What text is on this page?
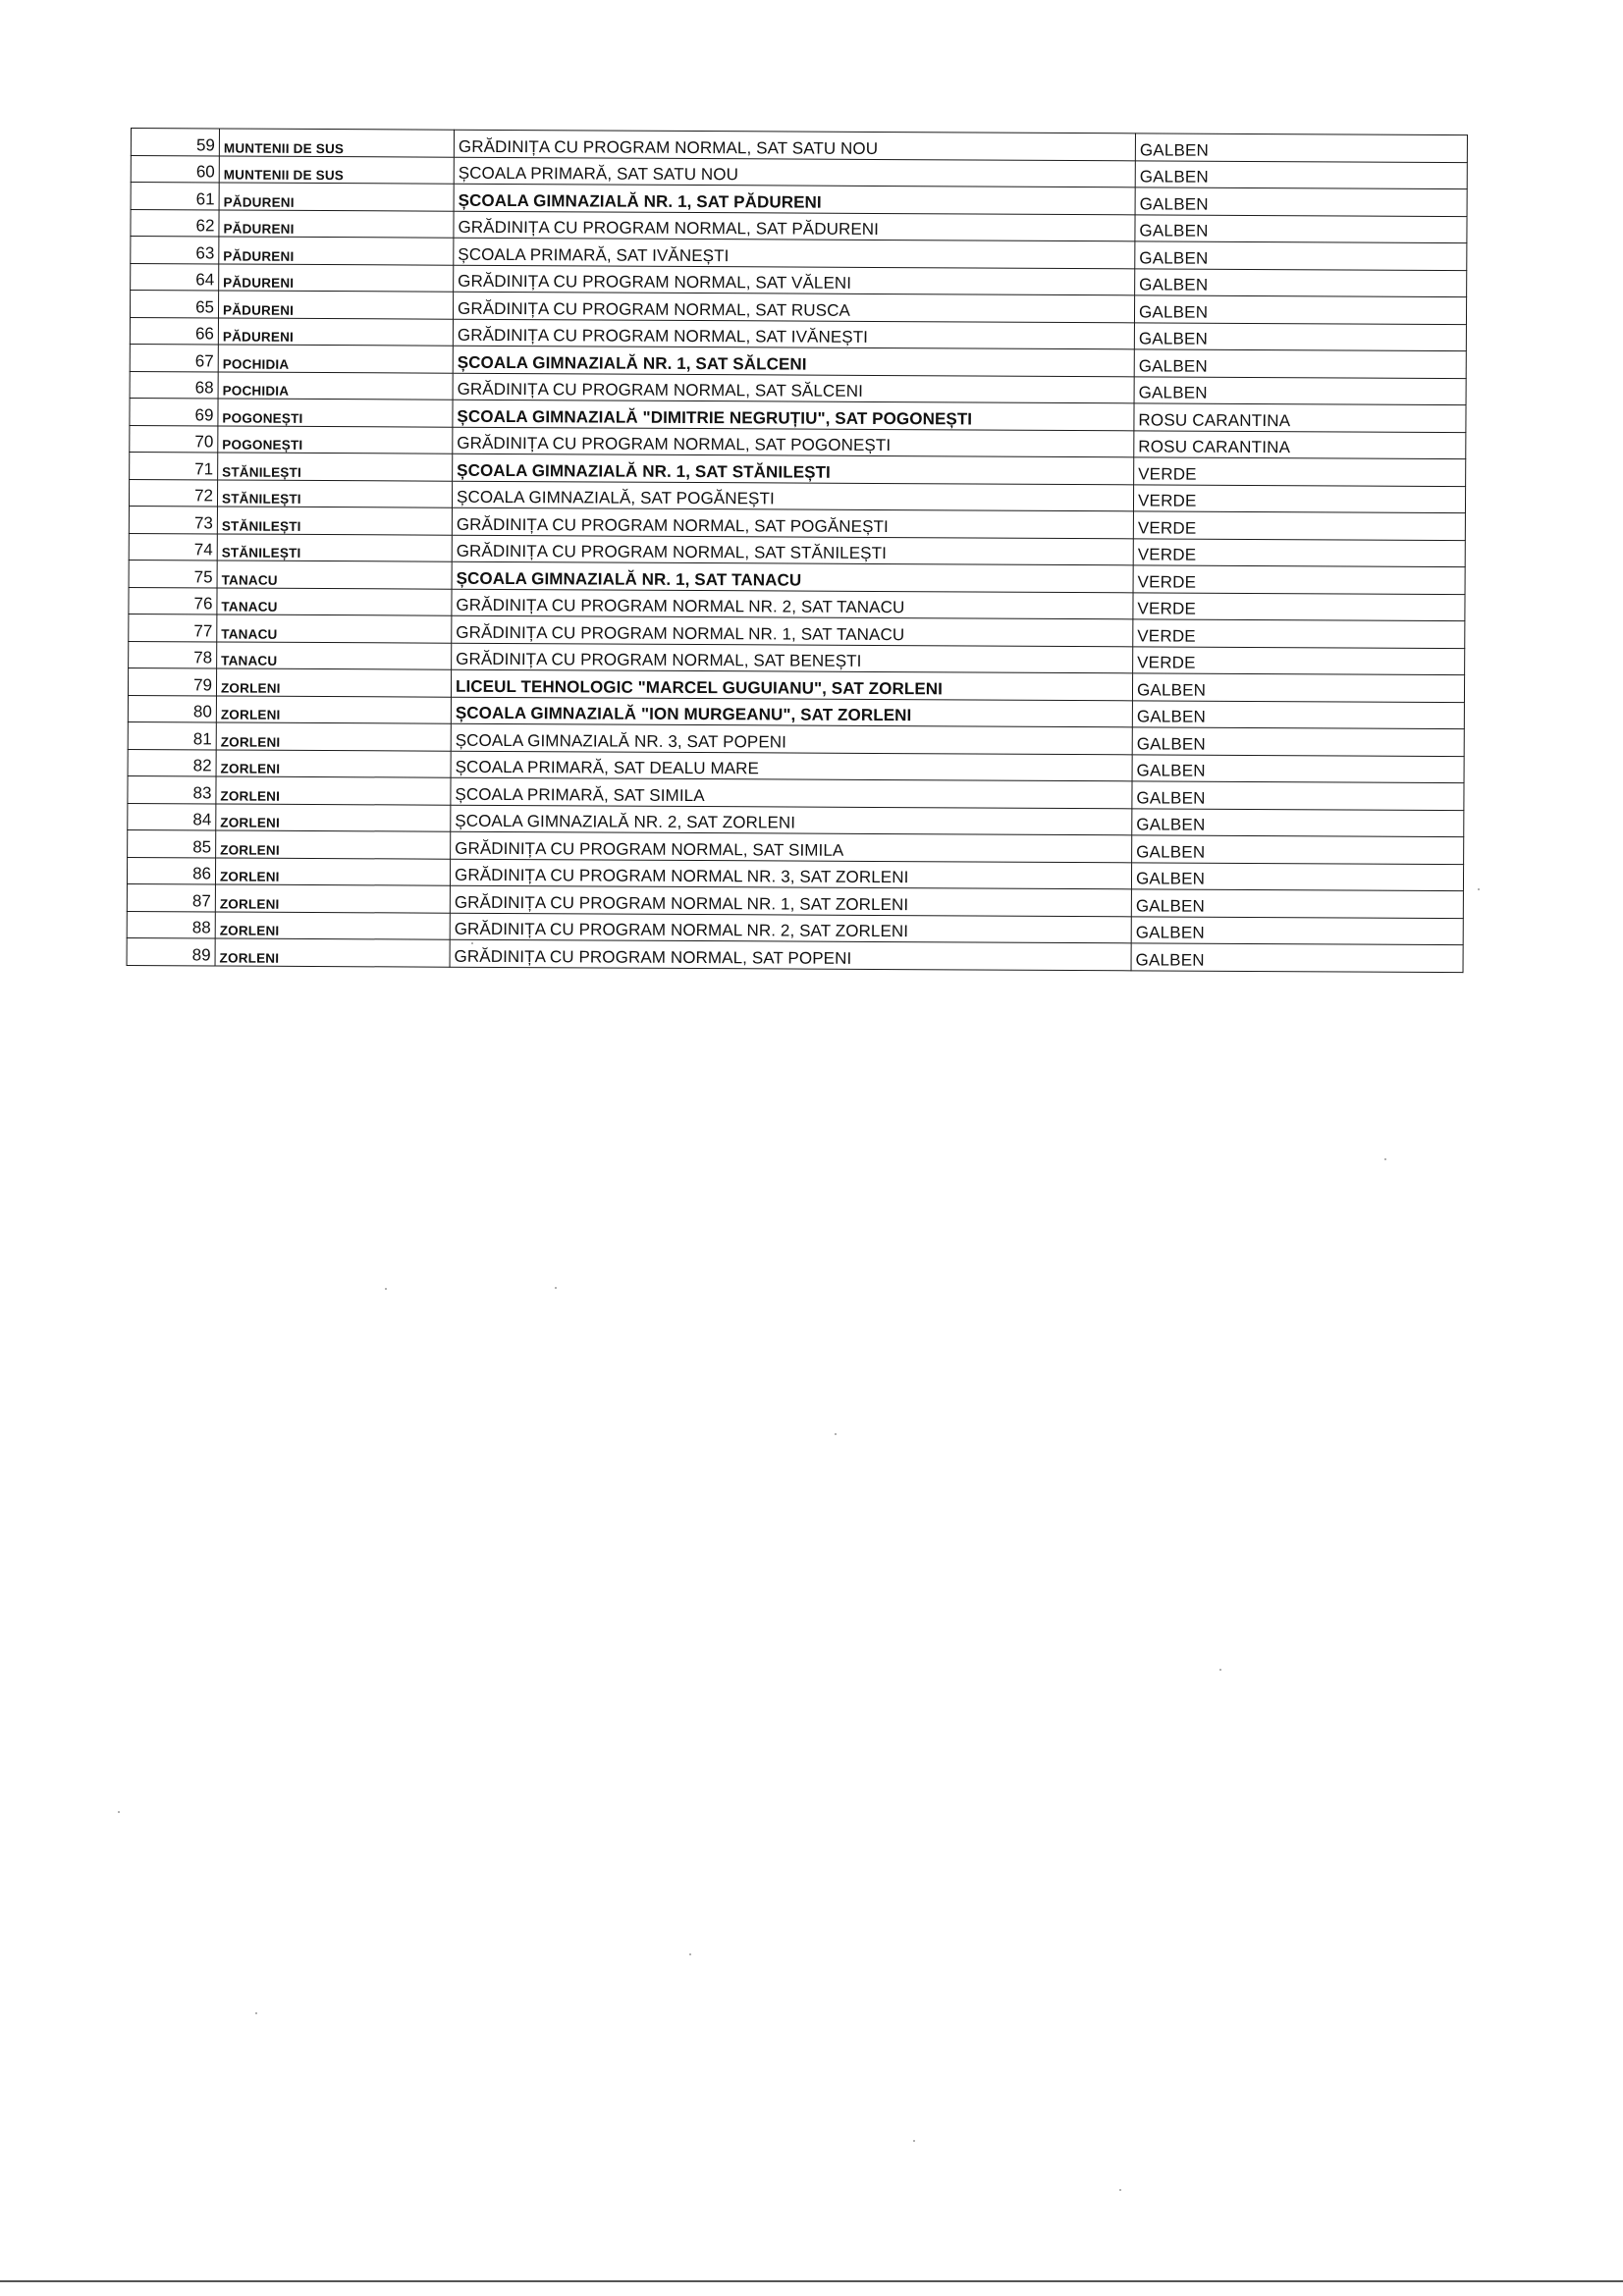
59	MUNTENII DE SUS	GRĂDINIȚA CU PROGRAM NORMAL, SAT SATU NOU	GALBEN
60	MUNTENII DE SUS	ȘCOALA PRIMARĂ, SAT SATU NOU	GALBEN
61	PĂDURENI	ȘCOALA GIMNAZIALĂ NR. 1, SAT PĂDURENI	GALBEN
62	PĂDURENI	GRĂDINIȚA CU PROGRAM NORMAL, SAT PĂDURENI	GALBEN
63	PĂDURENI	ȘCOALA PRIMARĂ, SAT IVĂNEȘTI	GALBEN
64	PĂDURENI	GRĂDINIȚA CU PROGRAM NORMAL, SAT VĂLENI	GALBEN
65	PĂDURENI	GRĂDINIȚA CU PROGRAM NORMAL, SAT RUSCA	GALBEN
66	PĂDURENI	GRĂDINIȚA CU PROGRAM NORMAL, SAT IVĂNEȘTI	GALBEN
67	POCHIDIA	ȘCOALA GIMNAZIALĂ NR. 1, SAT SĂLCENI	GALBEN
68	POCHIDIA	GRĂDINIȚA CU PROGRAM NORMAL, SAT SĂLCENI	GALBEN
69	POGONEȘTI	ȘCOALA GIMNAZIALĂ "DIMITRIE NEGRUȚIU", SAT POGONEȘTI	ROSU CARANTINA
70	POGONEȘTI	GRĂDINIȚA CU PROGRAM NORMAL, SAT POGONEȘTI	ROSU CARANTINA
71	STĂNILEȘTI	ȘCOALA GIMNAZIALĂ NR. 1, SAT STĂNILEȘTI	VERDE
72	STĂNILEȘTI	ȘCOALA GIMNAZIALĂ, SAT POGĂNEȘTI	VERDE
73	STĂNILEȘTI	GRĂDINIȚA CU PROGRAM NORMAL, SAT POGĂNEȘTI	VERDE
74	STĂNILEȘTI	GRĂDINIȚA CU PROGRAM NORMAL, SAT STĂNILEȘTI	VERDE
75	TANACU	ȘCOALA GIMNAZIALĂ NR. 1, SAT TANACU	VERDE
76	TANACU	GRĂDINIȚA CU PROGRAM NORMAL NR. 2, SAT TANACU	VERDE
77	TANACU	GRĂDINIȚA CU PROGRAM NORMAL NR. 1, SAT TANACU	VERDE
78	TANACU	GRĂDINIȚA CU PROGRAM NORMAL, SAT BENEȘTI	VERDE
79	ZORLENI	LICEUL TEHNOLOGIC "MARCEL GUGUIANU", SAT ZORLENI	GALBEN
80	ZORLENI	ȘCOALA GIMNAZIALĂ "ION MURGEANU", SAT ZORLENI	GALBEN
81	ZORLENI	ȘCOALA GIMNAZIALĂ NR. 3, SAT POPENI	GALBEN
82	ZORLENI	ȘCOALA PRIMARĂ, SAT DEALU MARE	GALBEN
83	ZORLENI	ȘCOALA PRIMARĂ, SAT SIMILA	GALBEN
84	ZORLENI	ȘCOALA GIMNAZIALĂ NR. 2, SAT ZORLENI	GALBEN
85	ZORLENI	GRĂDINIȚA CU PROGRAM NORMAL, SAT SIMILA	GALBEN
86	ZORLENI	GRĂDINIȚA CU PROGRAM NORMAL NR. 3, SAT ZORLENI	GALBEN
87	ZORLENI	GRĂDINIȚA CU PROGRAM NORMAL NR. 1, SAT ZORLENI	GALBEN
88	ZORLENI	GRĂDINIȚA CU PROGRAM NORMAL NR. 2, SAT ZORLENI	GALBEN
89	ZORLENI	GRĂDINIȚA CU PROGRAM NORMAL, SAT POPENI	GALBEN
